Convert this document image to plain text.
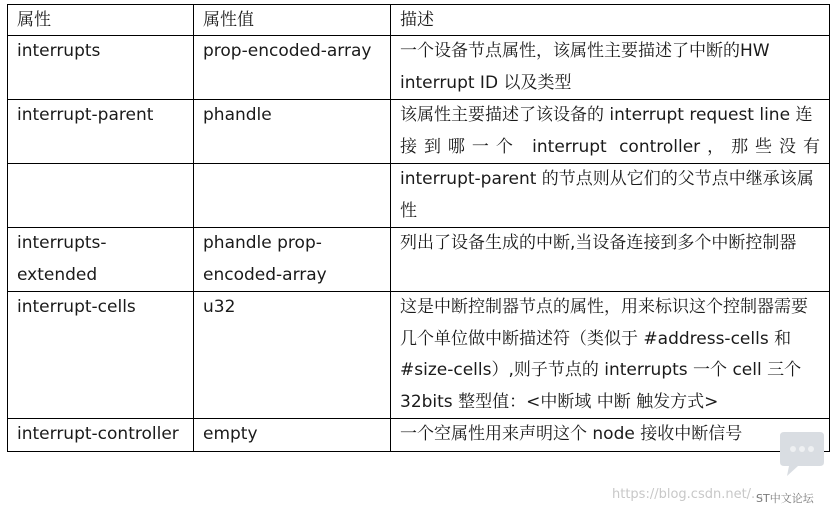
属性	属性值	描述
interrupts	prop-encoded-array	一个设备节点属性，该属性主要描述了中断的HW interrupt ID 以及类型
interrupt-parent	phandle	该属性主要描述了该设备的 interrupt request line 连接到哪一个 interrupt controller，那些没有
		interrupt-parent 的节点则从它们的父节点中继承该属性
interrupts-extended	phandle prop-encoded-array	列出了设备生成的中断,当设备连接到多个中断控制器
interrupt-cells	u32	这是中断控制器节点的属性，用来标识这个控制器需要几个单位做中断描述符（类似于 #address-cells 和 #size-cells）,则子节点的 interrupts 一个 cell 三个 32bits 整型值：<中断域 中断 触发方式>
interrupt-controller	empty	一个空属性用来声明这个 node 接收中断信号
https://blog.csdn.net/...
ST中文论坛
